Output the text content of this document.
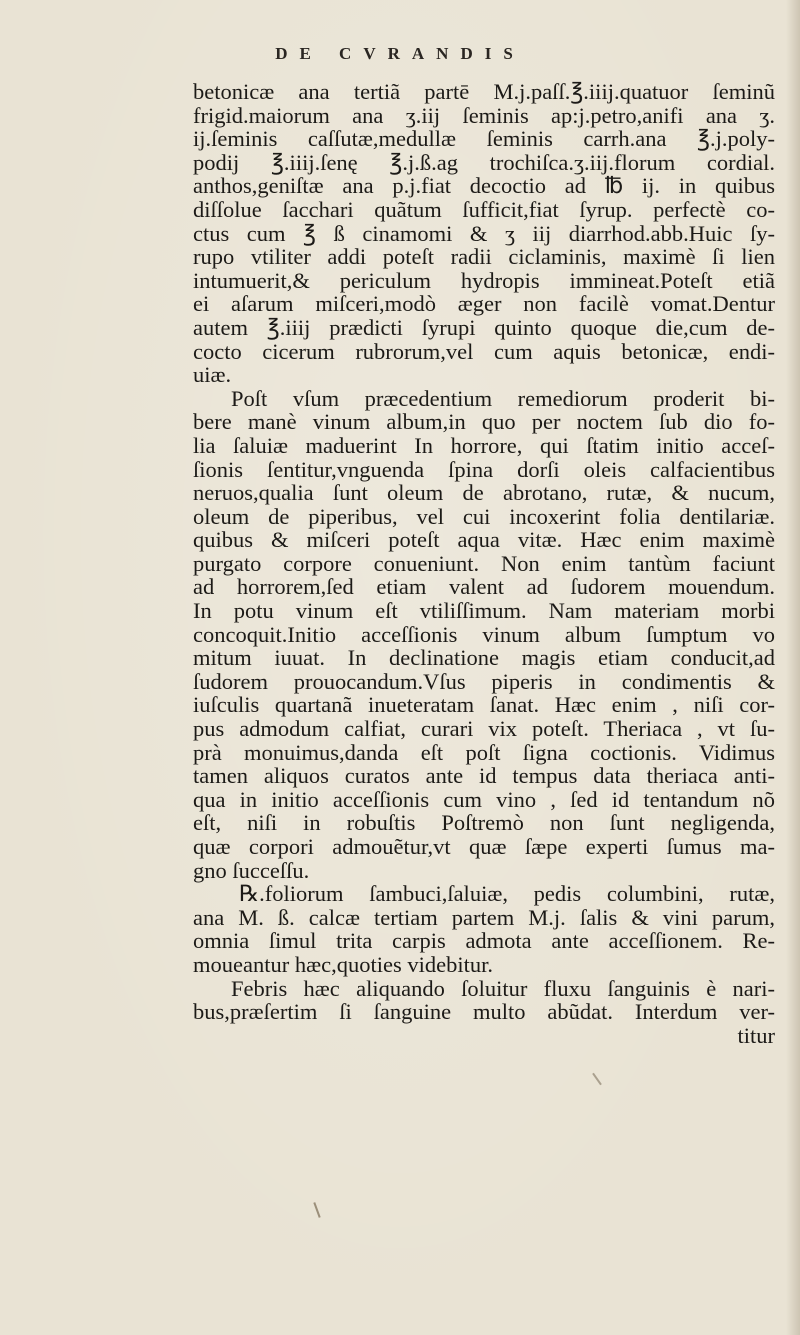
DE CVRANDIS
betonicæ ana tertiã partē M.j.paſſ.℥.iiij.quatuor ſeminũ
frigid.maiorum ana ʒ.iij ſeminis ap:j.petro,anifi ana ʒ.
ij.ſeminis caſſutæ,medullæ ſeminis carrh.ana ℥.j.poly-
podij ℥.iiij.ſenę ℥.j.ß.ag trochiſca.ʒ.iij.florum cordial.
anthos,geniſtæ ana p.j.fiat decoctio ad ℔ ij. in quibus
diſſolue ſacchari quãtum ſufficit,fiat ſyrup. perfectè co-
ctus cum ℥ ß cinamomi & ʒ iij diarrhod.abb.Huic ſy-
rupo vtiliter addi poteſt radii ciclaminis, maximè ſi lien
intumuerit,& periculum hydropis immineat.Poteſt etiã
ei aſarum miſceri,modò æger non facilè vomat.Dentur
autem ℥.iiij prædicti ſyrupi quinto quoque die,cum de-
cocto cicerum rubrorum,vel cum aquis betonicæ, endi-
uiæ.
Poſt vſum præcedentium remediorum proderit bi-
bere manè vinum album,in quo per noctem ſub dio fo-
lia ſaluiæ maduerint In horrore, qui ſtatim initio acceſ-
ſionis ſentitur,vnguenda ſpina dorſi oleis calfacientibus
neruos,qualia ſunt oleum de abrotano, rutæ, & nucum,
oleum de piperibus, vel cui incoxerint folia dentilariæ.
quibus & miſceri poteſt aqua vitæ. Hæc enim maximè
purgato corpore conueniunt. Non enim tantùm faciunt
ad horrorem,ſed etiam valent ad ſudorem mouendum.
In potu vinum eſt vtiliſſimum. Nam materiam morbi
concoquit.Initio acceſſionis vinum album ſumptum vo
mitum iuuat. In declinatione magis etiam conducit,ad
ſudorem prouocandum.Vſus piperis in condimentis &
iuſculis quartanã inueteratam ſanat. Hæc enim , niſi cor-
pus admodum calfiat, curari vix poteſt. Theriaca , vt ſu-
prà monuimus,danda eſt poſt ſigna coctionis. Vidimus
tamen aliquos curatos ante id tempus data theriaca anti-
qua in initio acceſſionis cum vino , ſed id tentandum nõ
eſt, niſi in robuſtis Poſtremò non ſunt negligenda,
quæ corpori admouẽtur,vt quæ ſæpe experti ſumus ma-
gno ſucceſſu.
℞.foliorum ſambuci,ſaluiæ, pedis columbini, rutæ,
ana M. ß. calcæ tertiam partem M.j. ſalis & vini parum,
omnia ſimul trita carpis admota ante acceſſionem. Re-
moueantur hæc,quoties videbitur.
Febris hæc aliquando ſoluitur fluxu ſanguinis è nari-
bus,præſertim ſi ſanguine multo abũdat. Interdum ver-
titur
